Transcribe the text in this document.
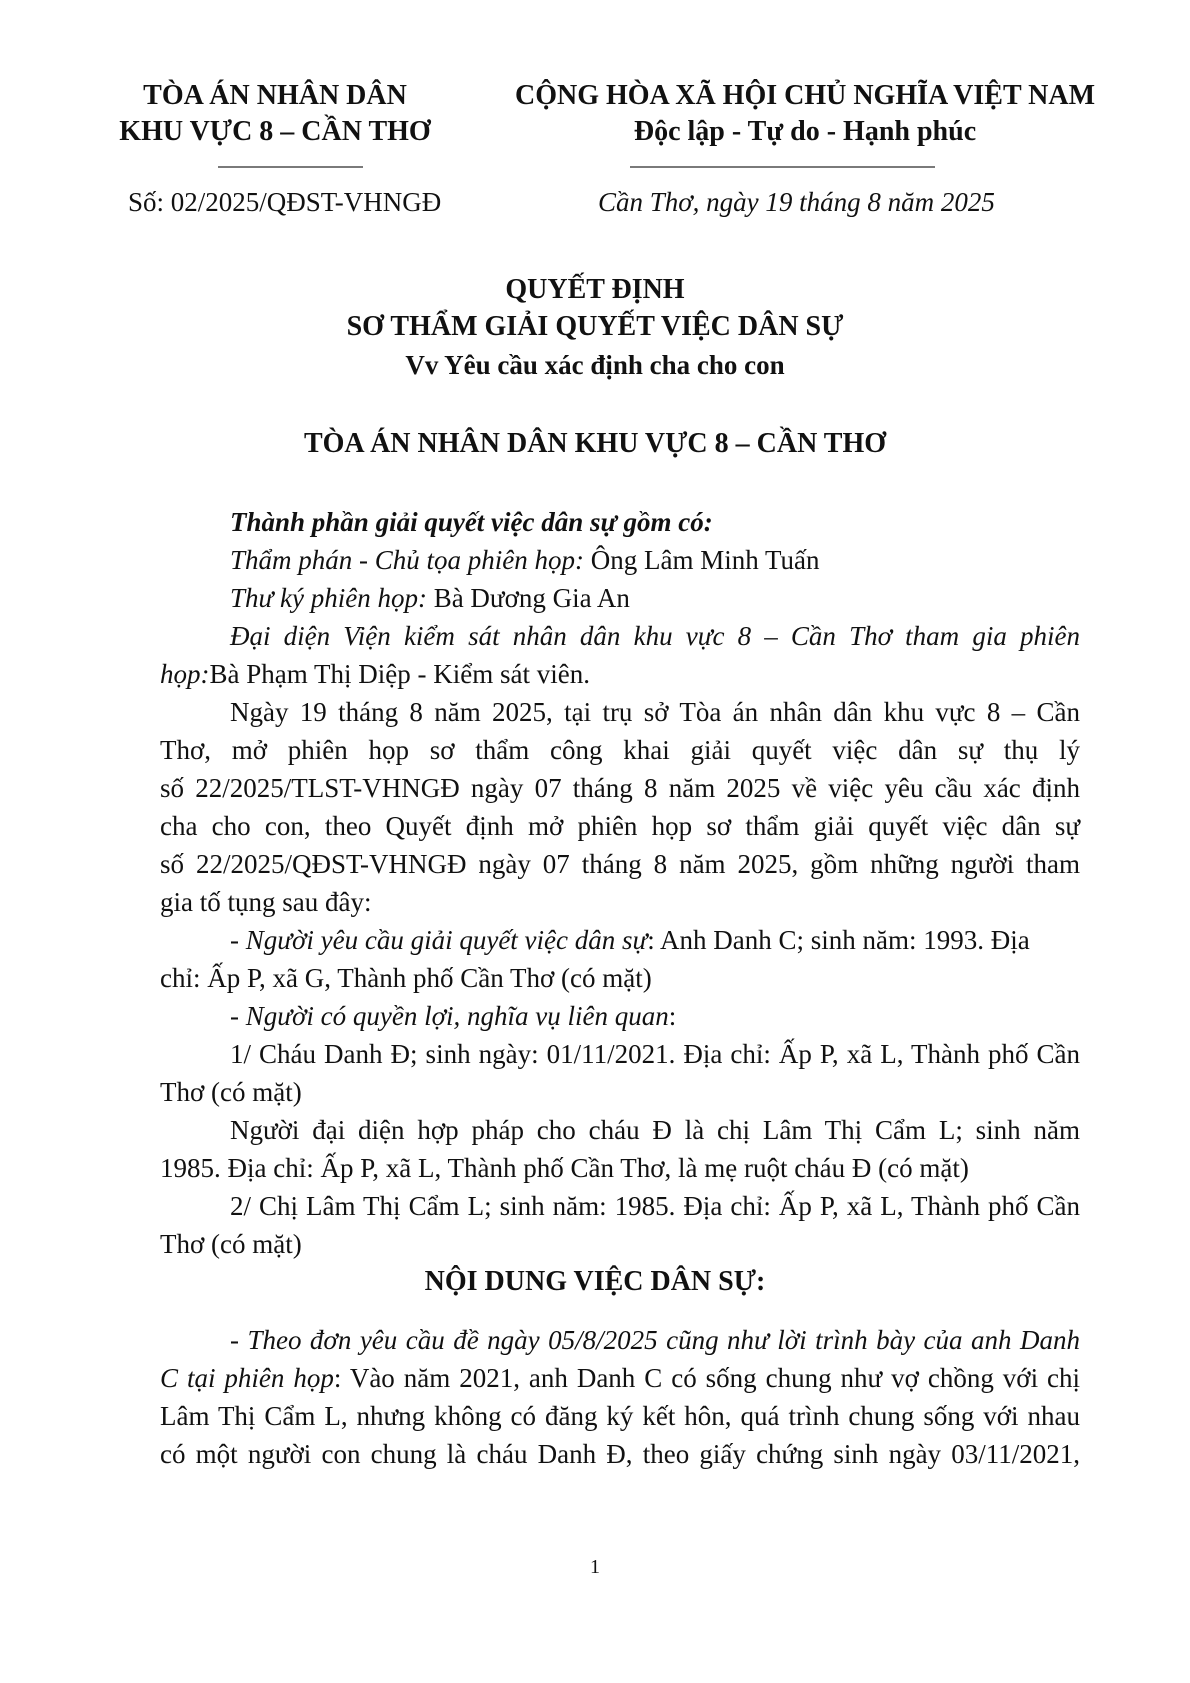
TÒA ÁN NHÂN DÂN
KHU VỰC 8 – CẦN THƠ
Số: 02/2025/QĐST-VHNGĐ
CỘNG HÒA XÃ HỘI CHỦ NGHĨA VIỆT NAM
Độc lập - Tự do - Hạnh phúc
Cần Thơ, ngày 19 tháng 8 năm 2025
QUYẾT ĐỊNH
SƠ THẨM GIẢI QUYẾT VIỆC DÂN SỰ
Vv Yêu cầu xác định cha cho con
TÒA ÁN NHÂN DÂN KHU VỰC 8 – CẦN THƠ
Thành phần giải quyết việc dân sự gồm có:
Thẩm phán - Chủ tọa phiên họp: Ông Lâm Minh Tuấn
Thư ký phiên họp: Bà Dương Gia An
Đại diện Viện kiểm sát nhân dân khu vực 8 – Cần Thơ tham gia phiên
họp:Bà Phạm Thị Diệp - Kiểm sát viên.
Ngày 19 tháng 8 năm 2025, tại trụ sở Tòa án nhân dân khu vực 8 – Cần
Thơ, mở phiên họp sơ thẩm công khai giải quyết việc dân sự thụ lý
số 22/2025/TLST-VHNGĐ ngày 07 tháng 8 năm 2025 về việc yêu cầu xác định
cha cho con, theo Quyết định mở phiên họp sơ thẩm giải quyết việc dân sự
số 22/2025/QĐST-VHNGĐ ngày 07 tháng 8 năm 2025, gồm những người tham
gia tố tụng sau đây:
- Người yêu cầu giải quyết việc dân sự: Anh Danh C; sinh năm: 1993. Địa
chỉ: Ấp P, xã G, Thành phố Cần Thơ (có mặt)
- Người có quyền lợi, nghĩa vụ liên quan:
1/ Cháu Danh Đ; sinh ngày: 01/11/2021. Địa chỉ: Ấp P, xã L, Thành phố Cần
Thơ (có mặt)
Người đại diện hợp pháp cho cháu Đ là chị Lâm Thị Cẩm L; sinh năm
1985. Địa chỉ: Ấp P, xã L, Thành phố Cần Thơ, là mẹ ruột cháu Đ (có mặt)
2/ Chị Lâm Thị Cẩm L; sinh năm: 1985. Địa chỉ: Ấp P, xã L, Thành phố Cần
Thơ (có mặt)
NỘI DUNG VIỆC DÂN SỰ:
- Theo đơn yêu cầu đề ngày 05/8/2025 cũng như lời trình bày của anh Danh
C tại phiên họp: Vào năm 2021, anh Danh C có sống chung như vợ chồng với chị
Lâm Thị Cẩm L, nhưng không có đăng ký kết hôn, quá trình chung sống với nhau
có một người con chung là cháu Danh Đ, theo giấy chứng sinh ngày 03/11/2021,
1
